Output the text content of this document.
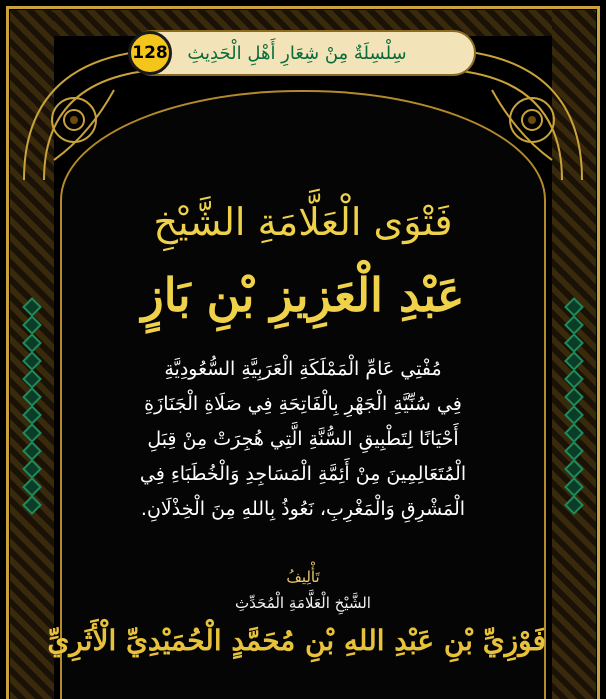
128	سِلْسِلَةٌ مِنْ شِعَارِ أَهْلِ الْحَدِيثِ
فَتْوَى الْعَلَّامَةِ الشَّيْخِ
عَبْدِ الْعَزِيزِ بْنِ بَازٍ
مُفْتِي عَامِّ الْمَمْلَكَةِ الْعَرَبِيَّةِ السُّعُودِيَّةِ
فِي سُنِّيَّةِ الْجَهْرِ بِالْفَاتِحَةِ فِي صَلَاةِ الْجَنَازَةِ
أَحْيَانًا لِتَطْبِيقِ السُّنَّةِ الَّتِي هُجِرَتْ مِنْ قِبَلِ
الْمُتَعَالِمِينَ مِنْ أَئِمَّةِ الْمَسَاجِدِ وَالْخُطَبَاءِ فِي
الْمَشْرِقِ وَالْمَغْرِبِ، نَعُوذُ بِاللهِ مِنَ الْخِذْلَانِ.
تَأْلِيفُ
الشَّيْخِ الْعَلَّامَةِ الْمُحَدِّثِ
فَوْزِيِّ بْنِ عَبْدِ اللهِ بْنِ مُحَمَّدٍ الْحُمَيْدِيِّ الْأَثَرِيِّ
